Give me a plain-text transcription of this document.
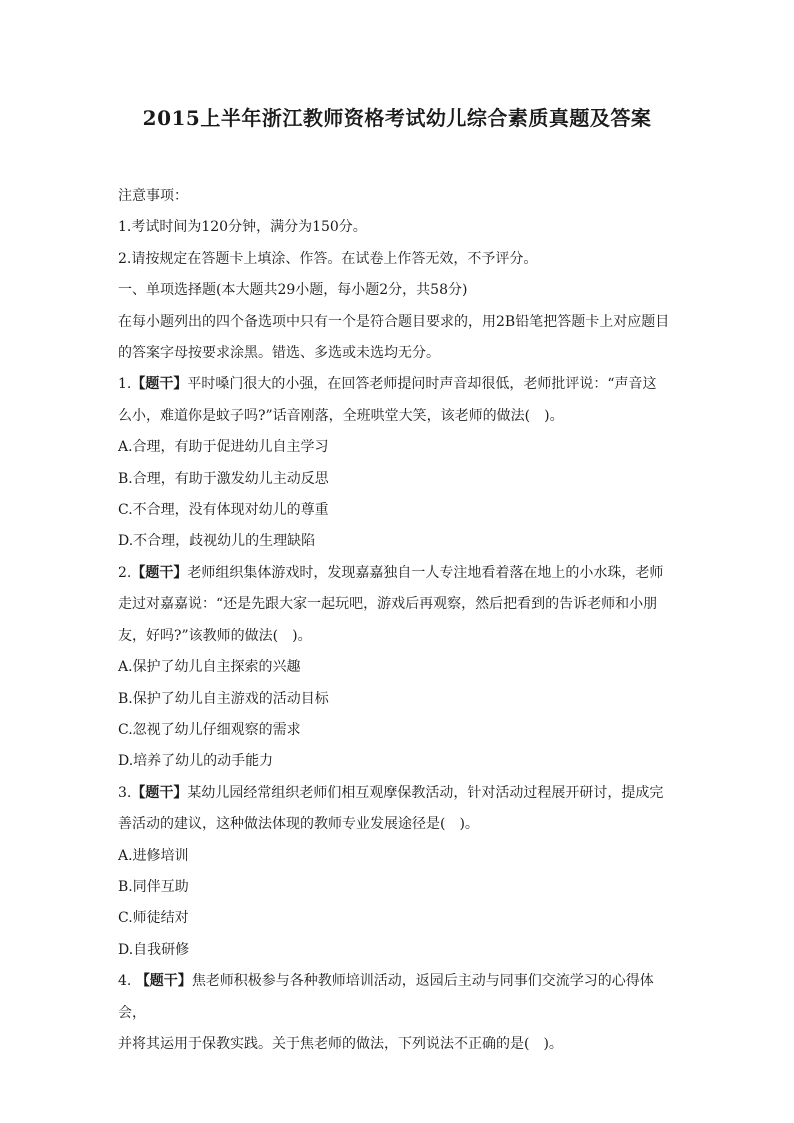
2015上半年浙江教师资格考试幼儿综合素质真题及答案

注意事项：

1.考试时间为120分钟，满分为150分。

2.请按规定在答题卡上填涂、作答。在试卷上作答无效，不予评分。

一、单项选择题(本大题共29小题，每小题2分，共58分)

在每小题列出的四个备选项中只有一个是符合题目要求的，用2B铅笔把答题卡上对应题目

的答案字母按要求涂黑。错选、多选或未选均无分。

1.【题干】平时嗓门很大的小强，在回答老师提问时声音却很低，老师批评说：“声音这

么小，难道你是蚊子吗?”话音刚落，全班哄堂大笑，该老师的做法(　)。

A.合理，有助于促进幼儿自主学习

B.合理，有助于激发幼儿主动反思

C.不合理，没有体现对幼儿的尊重

D.不合理，歧视幼儿的生理缺陷

2.【题干】老师组织集体游戏时，发现嘉嘉独自一人专注地看着落在地上的小水珠，老师

走过对嘉嘉说：“还是先跟大家一起玩吧，游戏后再观察，然后把看到的告诉老师和小朋

友，好吗?”该教师的做法(　)。

A.保护了幼儿自主探索的兴趣

B.保护了幼儿自主游戏的活动目标

C.忽视了幼儿仔细观察的需求

D.培养了幼儿的动手能力

3.【题干】某幼儿园经常组织老师们相互观摩保教活动，针对活动过程展开研讨，提成完

善活动的建议，这种做法体现的教师专业发展途径是(　)。

A.进修培训

B.同伴互助

C.师徒结对

D.自我研修

4. 【题干】焦老师积极参与各种教师培训活动，返园后主动与同事们交流学习的心得体会，

并将其运用于保教实践。关于焦老师的做法，下列说法不正确的是(　)。
